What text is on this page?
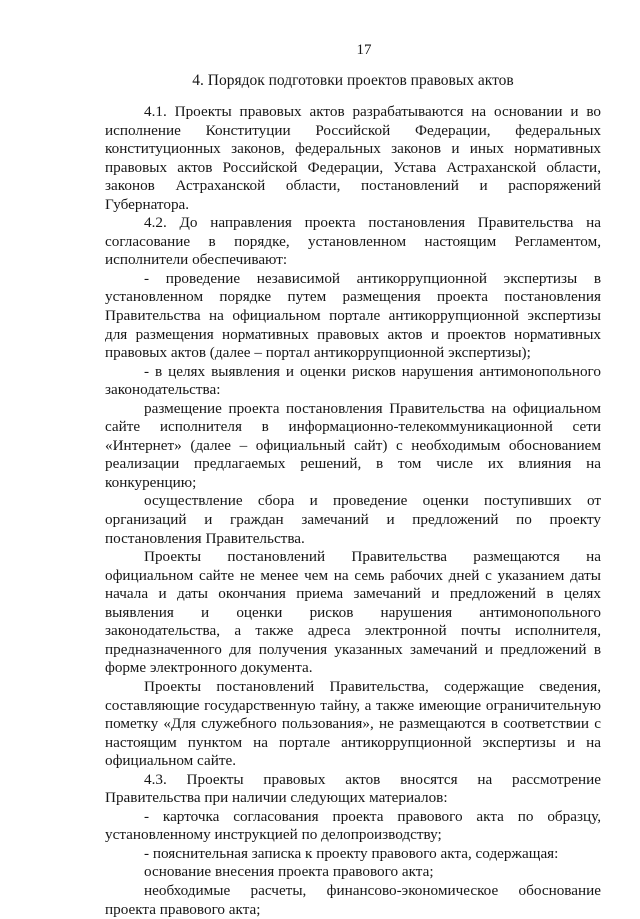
17
4. Порядок подготовки проектов правовых актов

4.1. Проекты правовых актов разрабатываются на основании и во исполнение Конституции Российской Федерации, федеральных конституционных законов, федеральных законов и иных нормативных правовых актов Российской Федерации, Устава Астраханской области, законов Астраханской области, постановлений и распоряжений Губернатора.

4.2. До направления проекта постановления Правительства на согласование в порядке, установленном настоящим Регламентом, исполнители обеспечивают:

- проведение независимой антикоррупционной экспертизы в установленном порядке путем размещения проекта постановления Правительства на официальном портале антикоррупционной экспертизы для размещения нормативных правовых актов и проектов нормативных правовых актов (далее – портал антикоррупционной экспертизы);

- в целях выявления и оценки рисков нарушения антимонопольного законодательства:

размещение проекта постановления Правительства на официальном сайте исполнителя в информационно-телекоммуникационной сети «Интернет» (далее – официальный сайт) с необходимым обоснованием реализации предлагаемых решений, в том числе их влияния на конкуренцию;

осуществление сбора и проведение оценки поступивших от организаций и граждан замечаний и предложений по проекту постановления Правительства.

Проекты постановлений Правительства размещаются на официальном сайте не менее чем на семь рабочих дней с указанием даты начала и даты окончания приема замечаний и предложений в целях выявления и оценки рисков нарушения антимонопольного законодательства, а также адреса электронной почты исполнителя, предназначенного для получения указанных замечаний и предложений в форме электронного документа.

Проекты постановлений Правительства, содержащие сведения, составляющие государственную тайну, а также имеющие ограничительную пометку «Для служебного пользования», не размещаются в соответствии с настоящим пунктом на портале антикоррупционной экспертизы и на официальном сайте.

4.3. Проекты правовых актов вносятся на рассмотрение Правительства при наличии следующих материалов:

- карточка согласования проекта правового акта по образцу, установленному инструкцией по делопроизводству;

- пояснительная записка к проекту правового акта, содержащая:

основание внесения проекта правового акта;

необходимые расчеты, финансово-экономическое обоснование проекта правового акта;
